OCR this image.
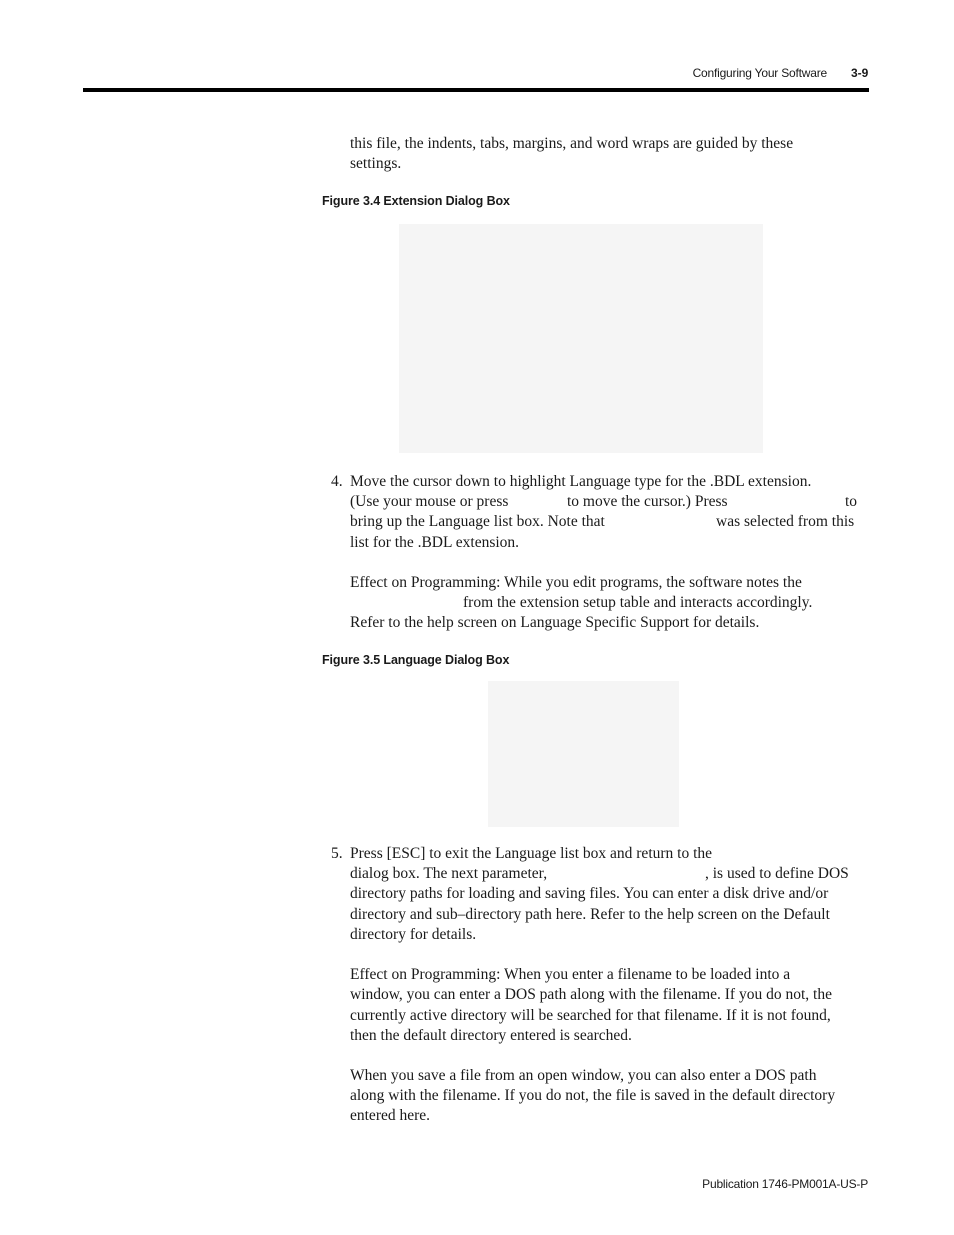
Configuring Your Software 3-9
this file, the indents, tabs, margins, and word wraps are guided by these
settings.
Figure 3.4 Extension Dialog Box
4. Move the cursor down to highlight Language type for the .BDL extension.
(Use your mouse or press	to move the cursor.) Press	to
bring up the Language list box. Note that	was selected from this
list for the .BDL extension.
Effect on Programming: While you edit programs, the software notes the
from the extension setup table and interacts accordingly.
Refer to the help screen on Language Specific Support for details.
Figure 3.5 Language Dialog Box
5. Press [ESC] to exit the Language list box and return to the
dialog box. The next parameter,	, is used to define DOS
directory paths for loading and saving files. You can enter a disk drive and/or
directory and sub–directory path here. Refer to the help screen on the Default
directory for details.
Effect on Programming: When you enter a filename to be loaded into a
window, you can enter a DOS path along with the filename. If you do not, the
currently active directory will be searched for that filename. If it is not found,
then the default directory entered is searched.
When you save a file from an open window, you can also enter a DOS path
along with the filename. If you do not, the file is saved in the default directory
entered here.
Publication 1746-PM001A-US-P
